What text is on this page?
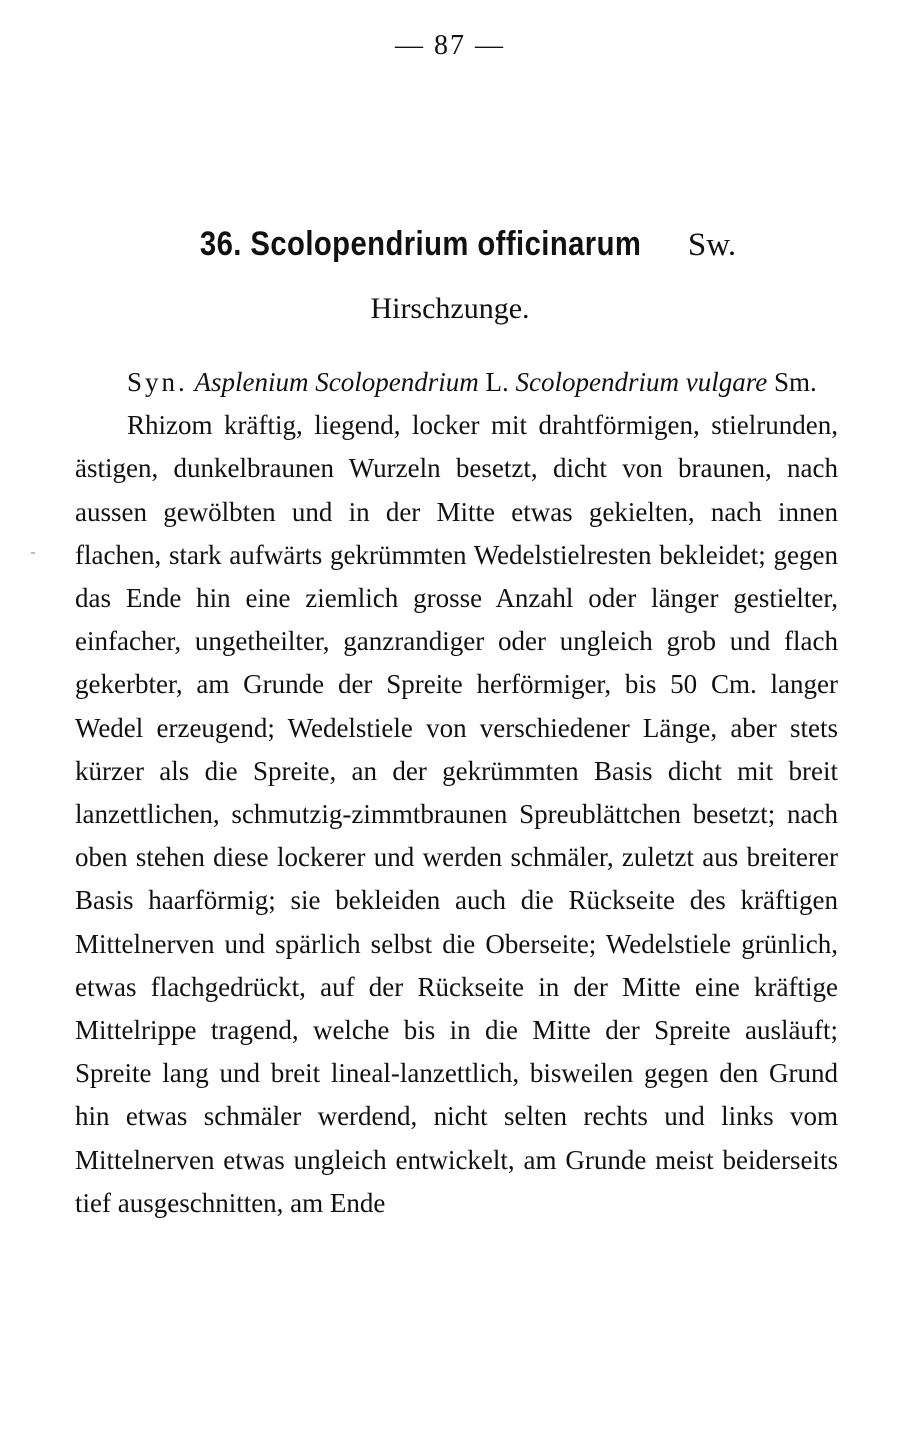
— 87 —
36. Scolopendrium officinarum Sw.
Hirschzunge.

Syn. Asplenium Scolopendrium L. Scolopendrium vulgare Sm.

Rhizom kräftig, liegend, locker mit drahtförmigen, stielrunden, ästigen, dunkelbraunen Wurzeln besetzt, dicht von braunen, nach aussen gewölbten und in der Mitte etwas gekielten, nach innen flachen, stark aufwärts gekrümmten Wedelstielresten bekleidet; gegen das Ende hin eine ziemlich grosse Anzahl oder länger gestielter, einfacher, ungetheilter, ganzrandiger oder ungleich grob und flach gekerbter, am Grunde der Spreite herförmiger, bis 50 Cm. langer Wedel erzeugend; Wedelstiele von verschiedener Länge, aber stets kürzer als die Spreite, an der gekrümmten Basis dicht mit breit lanzettlichen, schmutzig-zimmtbraunen Spreublättchen besetzt; nach oben stehen diese lockerer und werden schmäler, zuletzt aus breiterer Basis haarförmig; sie bekleiden auch die Rückseite des kräftigen Mittelnerven und spärlich selbst die Oberseite; Wedelstiele grünlich, etwas flachgedrückt, auf der Rückseite in der Mitte eine kräftige Mittelrippe tragend, welche bis in die Mitte der Spreite ausläuft; Spreite lang und breit lineal-lanzettlich, bisweilen gegen den Grund hin etwas schmäler werdend, nicht selten rechts und links vom Mittelnerven etwas ungleich entwickelt, am Grunde meist beiderseits tief ausgeschnitten, am Ende
